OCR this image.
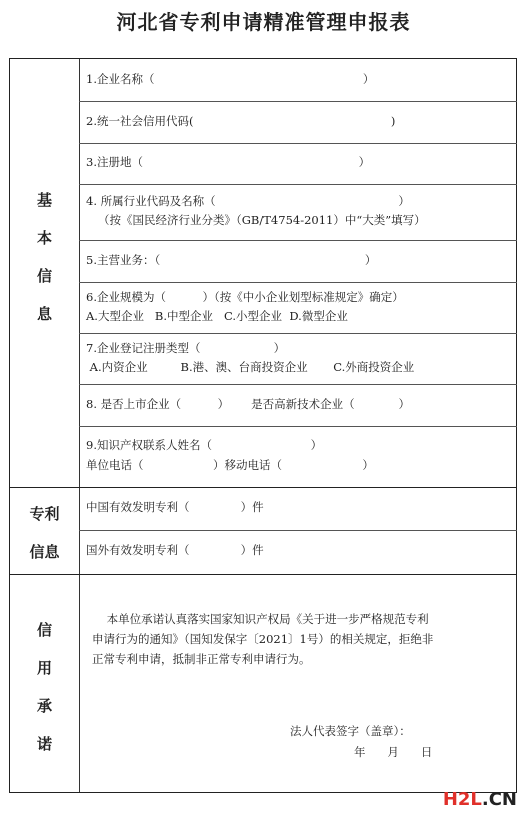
河北省专利申请精准管理申报表
基
本
信
息
专利
信息
信
用
承
诺
1.企业名称（                                                         ）
2.统一社会信用代码(                                                      )
3.注册地（                                                           ）
4. 所属行业代码及名称（                                                  ）
（按《国民经济行业分类》（GB/T4754-2011）中“大类”填写）
5.主营业务：（                                                        ）
6.企业规模为（          ）（按《中小企业划型标准规定》确定）
A.大型企业   B.中型企业   C.小型企业  D.微型企业
7.企业登记注册类型（                    ）
A.内资企业         B.港、澳、台商投资企业       C.外商投资企业
8. 是否上市企业（          ）      是否高新技术企业（            ）
9.知识产权联系人姓名（                           ）
单位电话（                   ）移动电话（                      ）
中国有效发明专利（              ）件
国外有效发明专利（              ）件
本单位承诺认真落实国家知识产权局《关于进一步严格规范专利
申请行为的通知》（国知发保字〔2021〕1号）的相关规定，拒绝非
正常专利申请，抵制非正常专利申请行为。
法人代表签字（盖章）：
年      月      日
H2L.CN
